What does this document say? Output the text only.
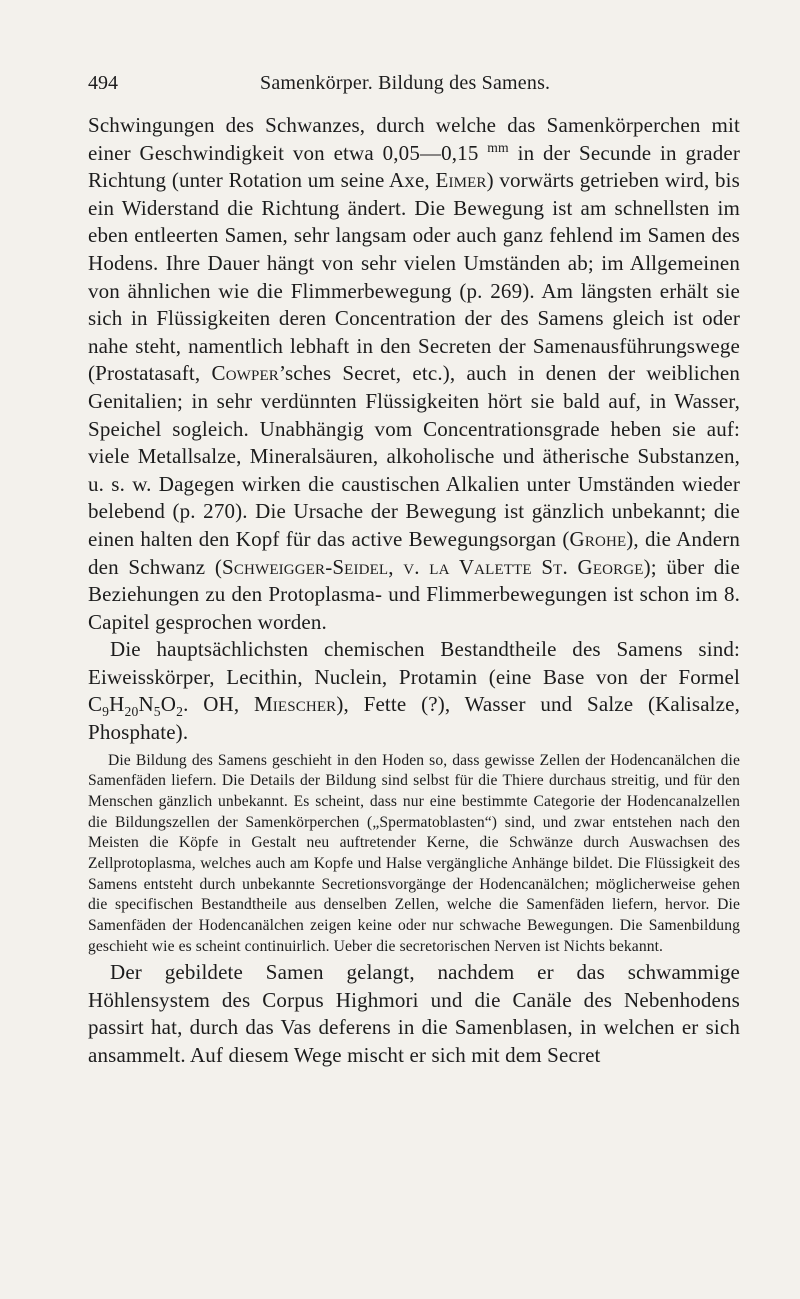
494	Samenkörper. Bildung des Samens.

Schwingungen des Schwanzes, durch welche das Samenkörperchen mit einer Geschwindigkeit von etwa 0,05—0,15 $^{mm}$ in der Secunde in grader Richtung (unter Rotation um seine Axe, Eimer) vorwärts getrieben wird, bis ein Widerstand die Richtung ändert. Die Bewegung ist am schnellsten im eben entleerten Samen, sehr langsam oder auch ganz fehlend im Samen des Hodens. Ihre Dauer hängt von sehr vielen Umständen ab; im Allgemeinen von ähnlichen wie die Flimmerbewegung (p. 269). Am längsten erhält sie sich in Flüssigkeiten deren Concentration der des Samens gleich ist oder nahe steht, namentlich lebhaft in den Secreten der Samenausführungswege (Prostatasaft, Cowper’sches Secret, etc.), auch in denen der weiblichen Genitalien; in sehr verdünnten Flüssigkeiten hört sie bald auf, in Wasser, Speichel sogleich. Unabhängig vom Concentrationsgrade heben sie auf: viele Metallsalze, Mineralsäuren, alkoholische und ätherische Substanzen, u. s. w. Dagegen wirken die caustischen Alkalien unter Umständen wieder belebend (p. 270). Die Ursache der Bewegung ist gänzlich unbekannt; die einen halten den Kopf für das active Bewegungsorgan (Grohe), die Andern den Schwanz (Schweigger-Seidel, v. la Valette St. George); über die Beziehungen zu den Protoplasma- und Flimmerbewegungen ist schon im 8. Capitel gesprochen worden.

Die hauptsächlichsten chemischen Bestandtheile des Samens sind: Eiweisskörper, Lecithin, Nuclein, Protamin (eine Base von der Formel $C_9H_{20}N_5O_2$. OH, Miescher), Fette (?), Wasser und Salze (Kalisalze, Phosphate).

Die Bildung des Samens geschieht in den Hoden so, dass gewisse Zellen der Hodencanälchen die Samenfäden liefern. Die Details der Bildung sind selbst für die Thiere durchaus streitig, und für den Menschen gänzlich unbekannt. Es scheint, dass nur eine bestimmte Categorie der Hodencanalzellen die Bildungszellen der Samenkörperchen („Spermatoblasten“) sind, und zwar entstehen nach den Meisten die Köpfe in Gestalt neu auftretender Kerne, die Schwänze durch Auswachsen des Zellprotoplasma, welches auch am Kopfe und Halse vergängliche Anhänge bildet. Die Flüssigkeit des Samens entsteht durch unbekannte Secretionsvorgänge der Hodencanälchen; möglicherweise gehen die specifischen Bestandtheile aus denselben Zellen, welche die Samenfäden liefern, hervor. Die Samenfäden der Hodencanälchen zeigen keine oder nur schwache Bewegungen. Die Samenbildung geschieht wie es scheint continuirlich. Ueber die secretorischen Nerven ist Nichts bekannt.

Der gebildete Samen gelangt, nachdem er das schwammige Höhlensystem des Corpus Highmori und die Canäle des Nebenhodens passirt hat, durch das Vas deferens in die Samenblasen, in welchen er sich ansammelt. Auf diesem Wege mischt er sich mit dem Secret
